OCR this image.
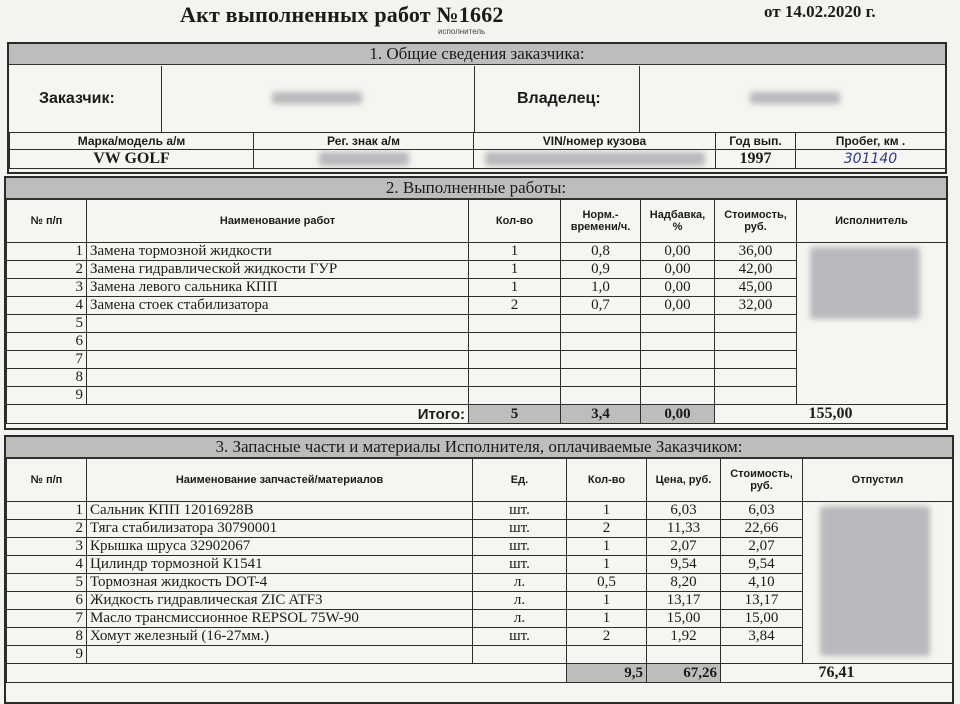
Акт выполненных работ №1662	от 14.02.2020 г.
исполнитель
1. Общие сведения заказчика:
Заказчик:	Владелец:
Марка/модель а/м	Рег. знак а/м	VIN/номер кузова	Год вып.	Пробег, км .
VW GOLF			1997	301140
2. Выполненные работы:
№ п/п	Наименование работ	Кол-во	Норм.- времени/ч.	Надбавка, %	Стоимость, руб.	Исполнитель
1	Замена тормозной жидкости	1	0,8	0,00	36,00	
2	Замена гидравлической жидкости ГУР	1	0,9	0,00	42,00	
3	Замена левого сальника КПП	1	1,0	0,00	45,00	
4	Замена стоек стабилизатора	2	0,7	0,00	32,00	
5						
6						
7						
8						
9						
Итого:		5	3,4	0,00	155,00	
3. Запасные части и материалы Исполнителя, оплачиваемые Заказчиком:
№ п/п	Наименование запчастей/материалов	Ед.	Кол-во	Цена, руб.	Стоимость, руб.	Отпустил
1	Сальник КПП 12016928В	шт.	1	6,03	6,03	
2	Тяга стабилизатора 30790001	шт.	2	11,33	22,66	
3	Крышка шруса 32902067	шт.	1	2,07	2,07	
4	Цилиндр тормозной К1541	шт.	1	9,54	9,54	
5	Тормозная жидкость DOT-4	л.	0,5	8,20	4,10	
6	Жидкость гидравлическая ZIC ATF3	л.	1	13,17	13,17	
7	Масло трансмиссионное REPSOL 75W-90	л.	1	15,00	15,00	
8	Хомут железный (16-27мм.)	шт.	2	1,92	3,84	
9						
			9,5	67,26	76,41	
